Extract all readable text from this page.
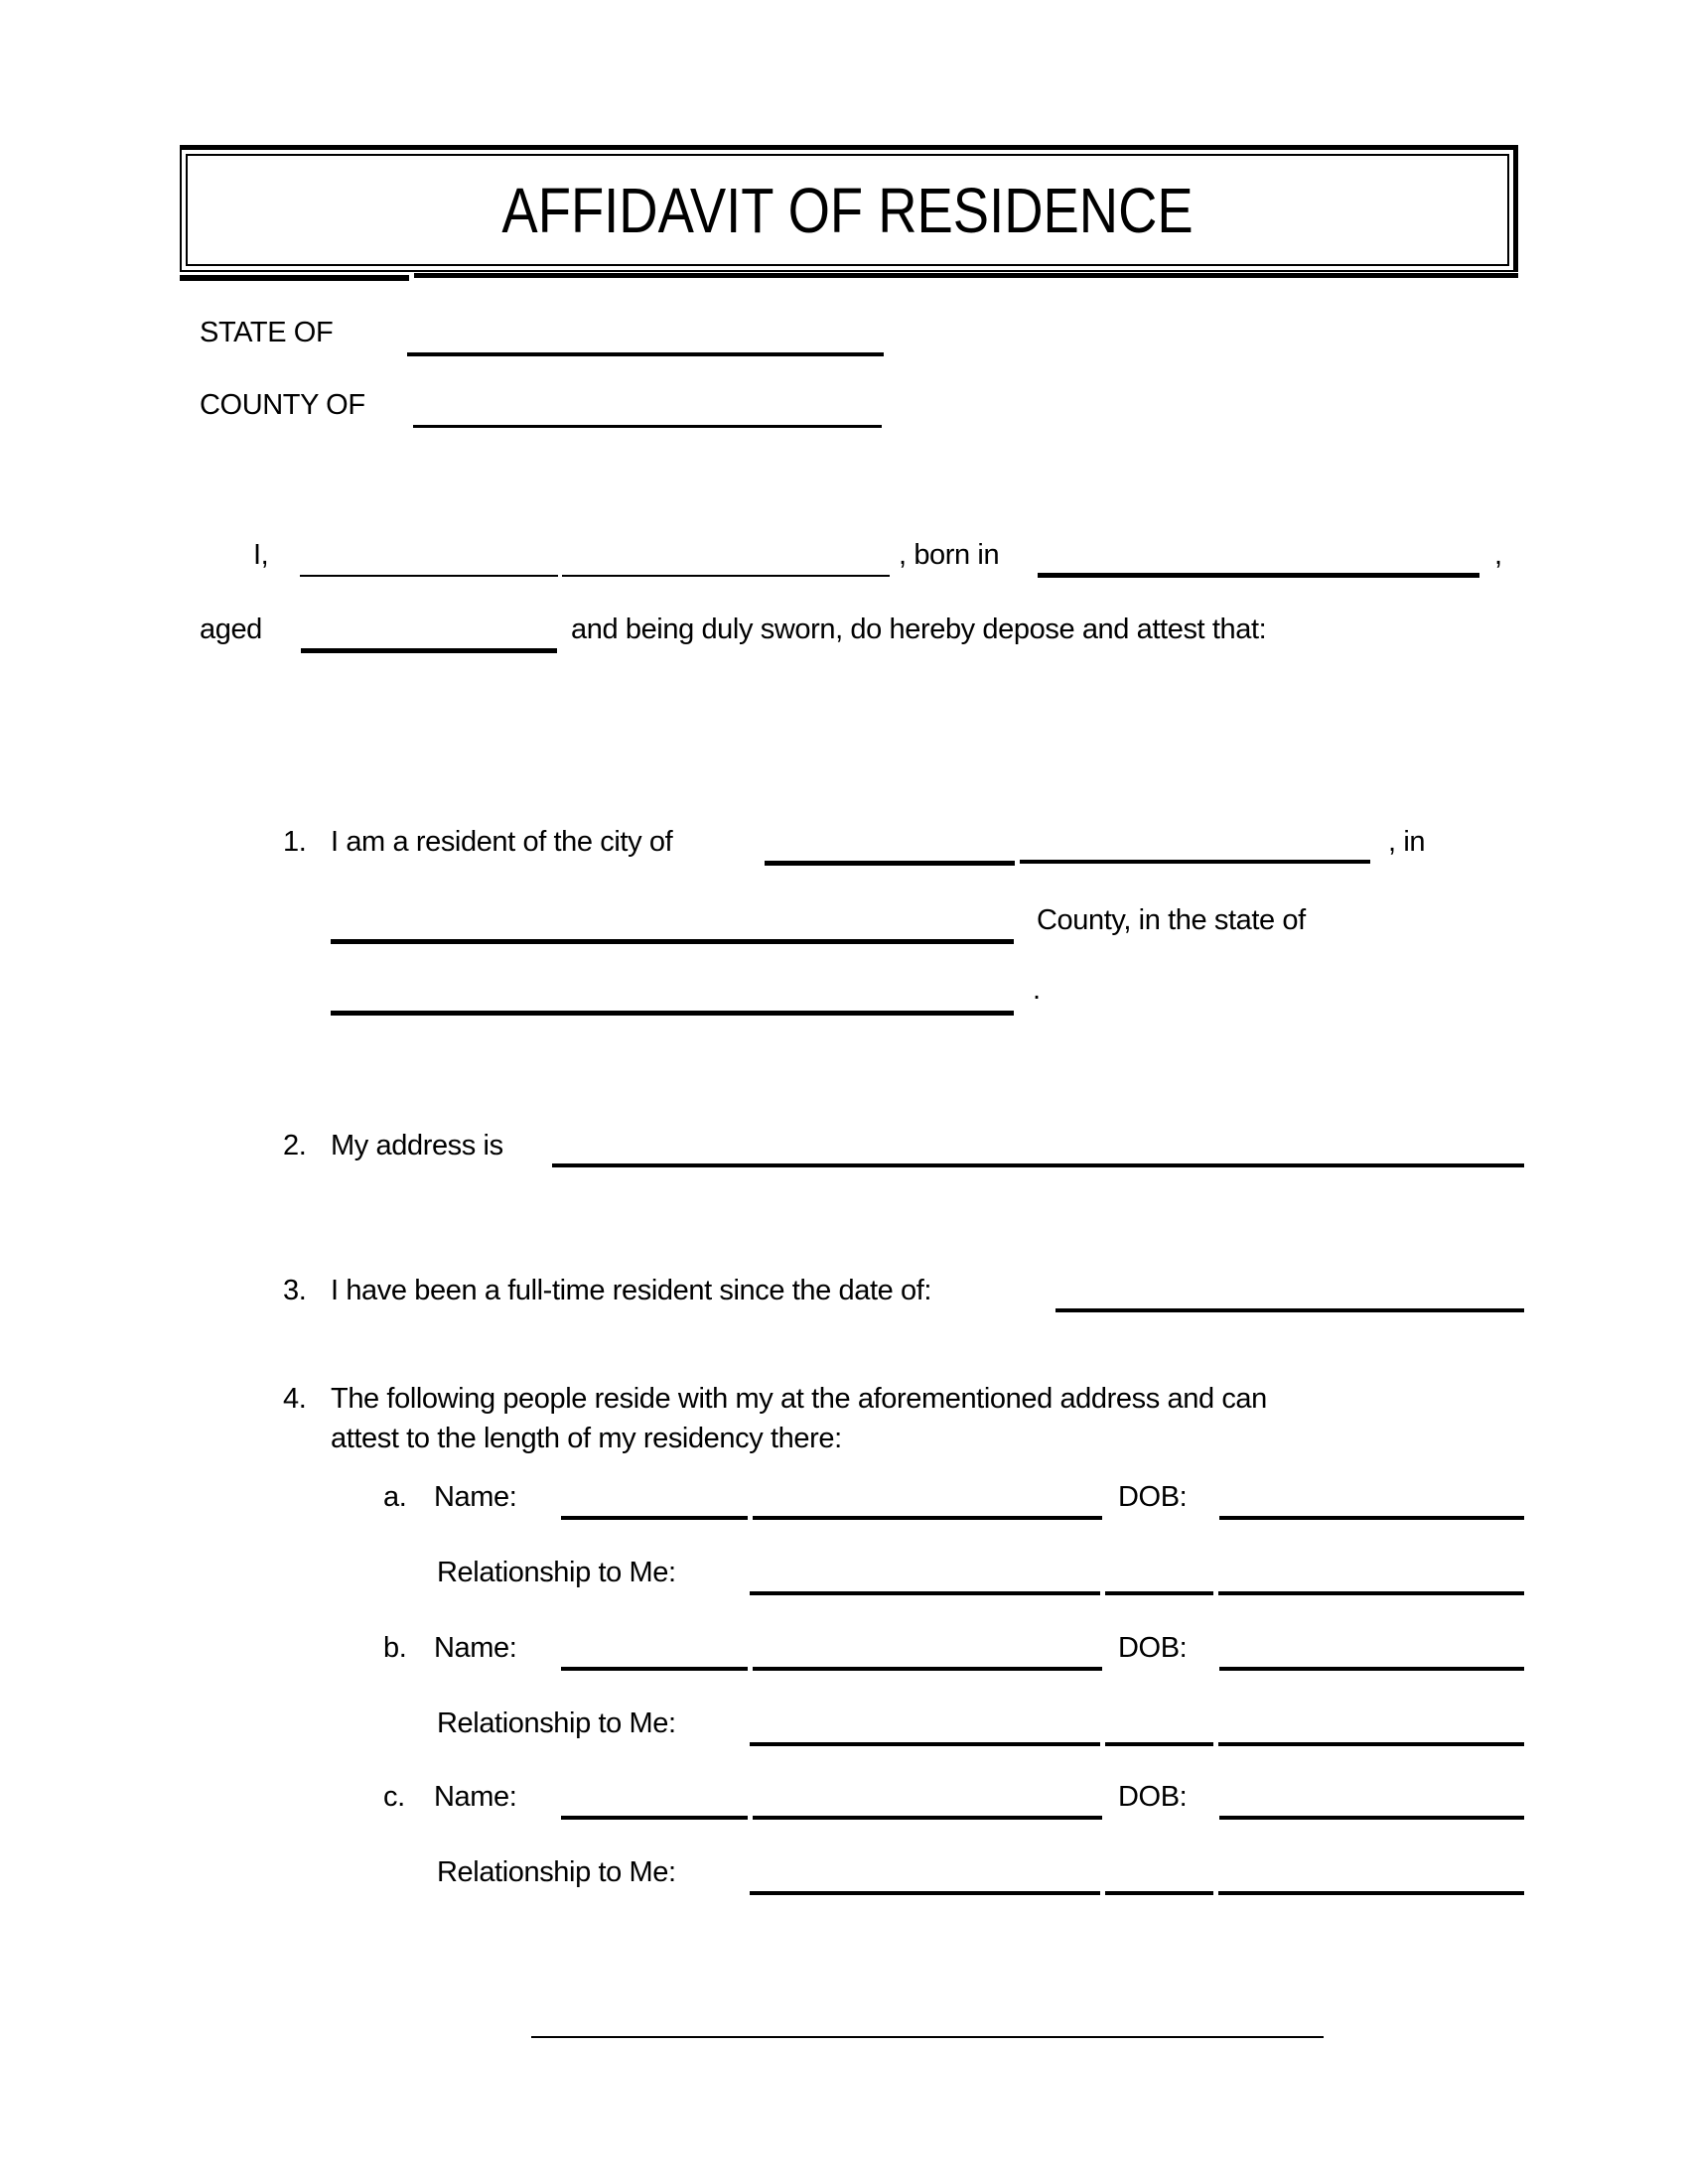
AFFIDAVIT OF RESIDENCE
STATE OF
COUNTY OF
I,	, born in	,
aged	and being duly sworn, do hereby depose and attest that:
1. I am a resident of the city of	, in
County, in the state of
.
2. My address is
3. I have been a full-time resident since the date of:
4. The following people reside with my at the aforementioned address and can
attest to the length of my residency there:
a. Name:	DOB:
Relationship to Me:
b. Name:	DOB:
Relationship to Me:
c. Name:	DOB:
Relationship to Me:
